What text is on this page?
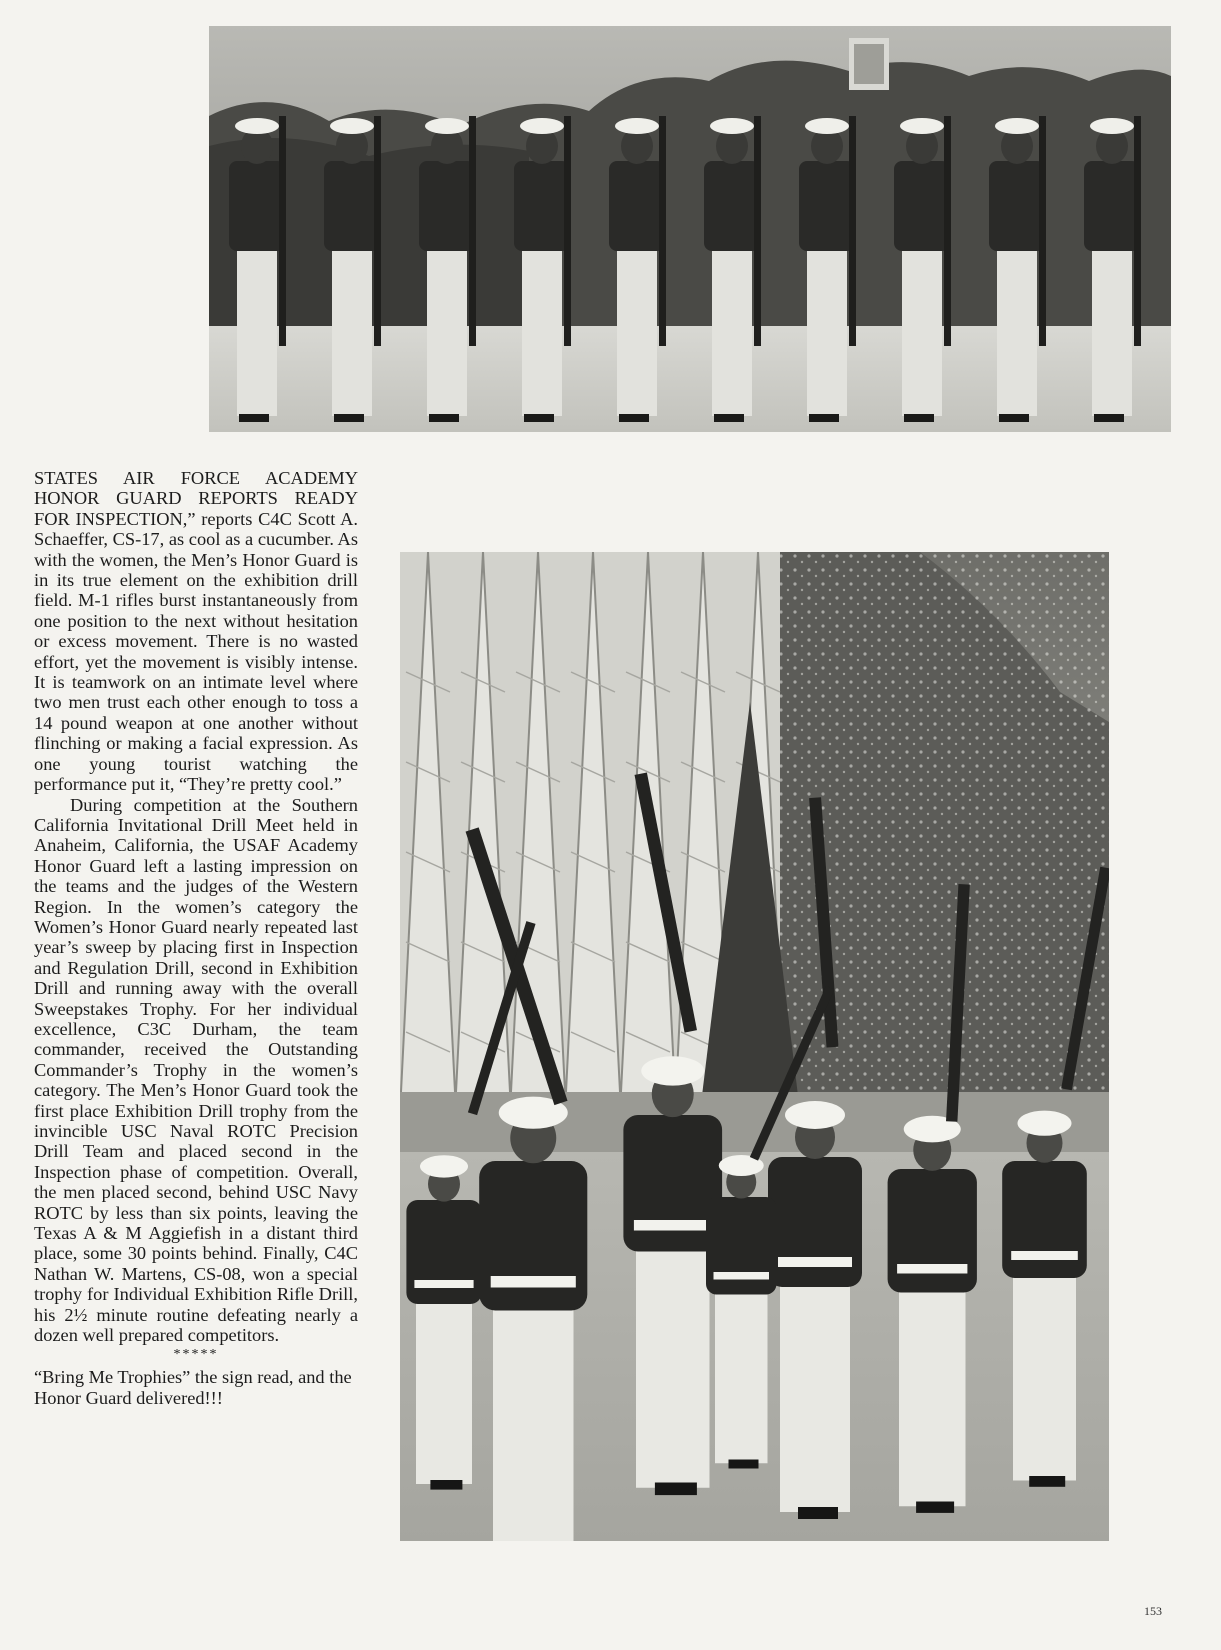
STATES AIR FORCE ACADEMY HONOR GUARD REPORTS READY FOR INSPECTION,” reports C4C Scott A. Schaeffer, CS-17, as cool as a cucumber. As with the women, the Men’s Honor Guard is in its true element on the exhibition drill field. M-1 rifles burst instantaneously from one position to the next without hesitation or excess movement. There is no wasted effort, yet the movement is visibly intense. It is teamwork on an intimate level where two men trust each other enough to toss a 14 pound weapon at one another without flinching or making a facial expression. As one young tourist watching the performance put it, “They’re pretty cool.”

During competition at the Southern California Invitational Drill Meet held in Anaheim, California, the USAF Academy Honor Guard left a lasting impression on the teams and the judges of the Western Region. In the women’s category the Women’s Honor Guard nearly repeated last year’s sweep by placing first in Inspection and Regulation Drill, second in Exhibition Drill and running away with the overall Sweepstakes Trophy. For her individual excellence, C3C Durham, the team commander, received the Outstanding Commander’s Trophy in the women’s category. The Men’s Honor Guard took the first place Exhibition Drill trophy from the invincible USC Naval ROTC Precision Drill Team and placed second in the Inspection phase of competition. Overall, the men placed second, behind USC Navy ROTC by less than six points, leaving the Texas A & M Aggiefish in a distant third place, some 30 points behind. Finally, C4C Nathan W. Martens, CS-08, won a special trophy for Individual Exhibition Rifle Drill, his 2½ minute routine defeating nearly a dozen well prepared competitors.

*****

“Bring Me Trophies” the sign read, and the Honor Guard delivered!!!

153
